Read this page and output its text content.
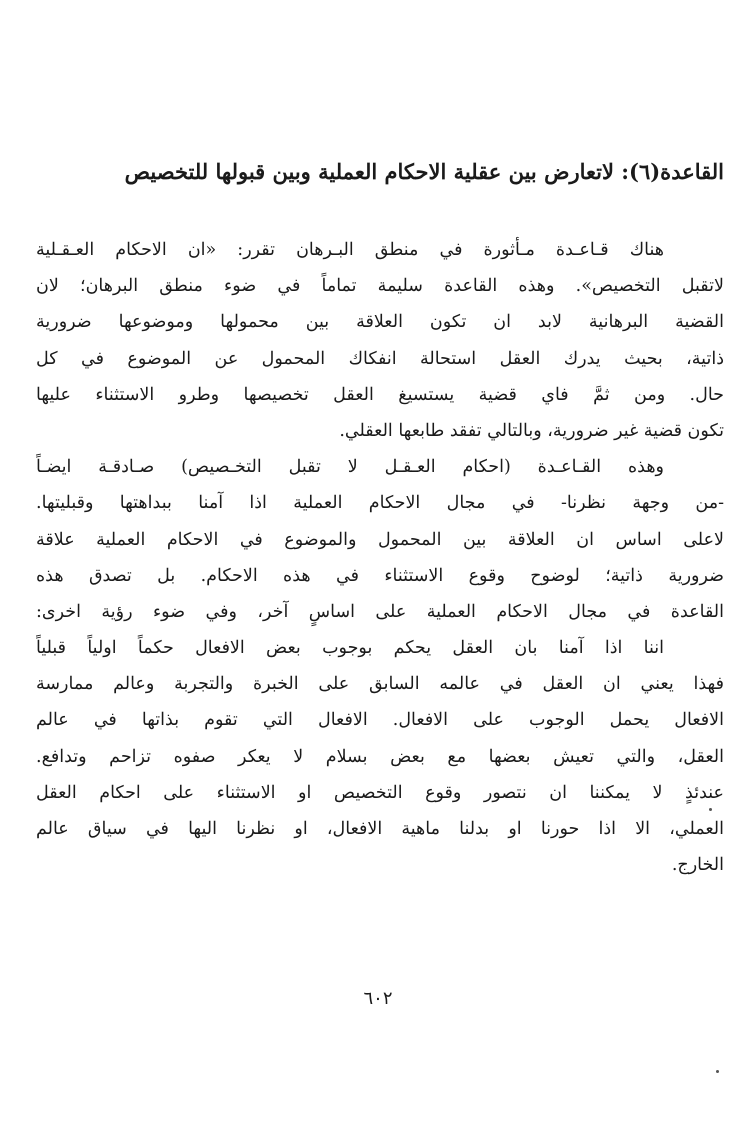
القاعدة(٦): لاتعارض بين عقلية الاحكام العملية وبين قبولها للتخصيص
هناك قـاعـدة مـأثورة في منطق البـرهان تقرر: «ان الاحكام العـقـلية
لاتقبل التخصيص». وهذه القاعدة سليمة تماماً في ضوء منطق البرهان؛ لان
القضية البرهانية لابد ان تكون العلاقة بين محمولها وموضوعها ضرورية
ذاتية، بحيث يدرك العقل استحالة انفكاك المحمول عن الموضوع في كل
حال. ومن ثمَّ فاي قضية يستسيغ العقل تخصيصها وطرو الاستثناء عليها
تكون قضية غير ضرورية، وبالتالي تفقد طابعها العقلي.
وهذه القـاعـدة (احكام العـقـل لا تقبل التخـصيص) صـادقـة ايضـاً
-من وجهة نظرنا- في مجال الاحكام العملية اذا آمنا ببداهتها وقبليتها.
لاعلى اساس ان العلاقة بين المحمول والموضوع في الاحكام العملية علاقة
ضرورية ذاتية؛ لوضوح وقوع الاستثناء في هذه الاحكام. بل تصدق هذه
القاعدة في مجال الاحكام العملية على اساسٍ آخر، وفي ضوء رؤية اخرى:
اننا اذا آمنا بان العقل يحكم بوجوب بعض الافعال حكماً اولياً قبلياً
فهذا يعني ان العقل في عالمه السابق على الخبرة والتجربة وعالم ممارسة
الافعال يحمل الوجوب على الافعال. الافعال التي تقوم بذاتها في عالم
العقل، والتي تعيش بعضها مع بعض بسلام لا يعكر صفوه تزاحم وتدافع.
عندئذٍ لا يمكننا ان نتصور وقوع التخصيص او الاستثناء على احكام العقل
العملي، الا اذا حورنا او بدلنا ماهية الافعال، او نظرنا اليها في سياق عالم
الخارج.
٦٠٢
